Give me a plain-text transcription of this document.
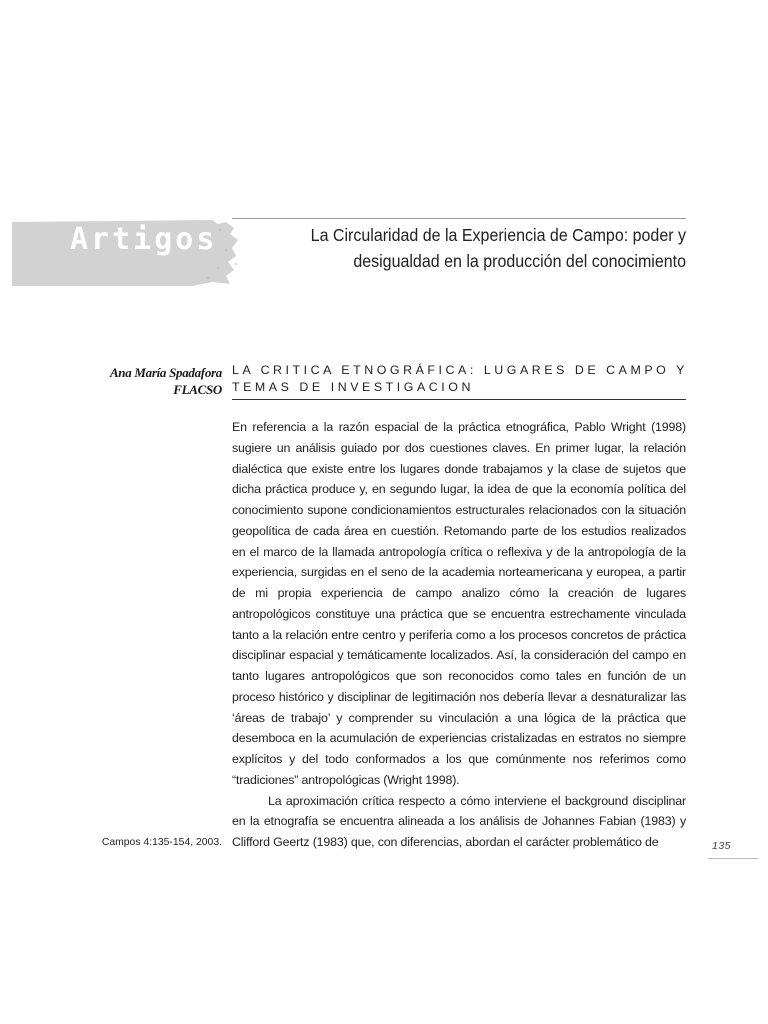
Artigos	La Circularidad de la Experiencia de Campo: poder y desigualdad en la producción del conocimiento
Ana María Spadafora
FLACSO
LA CRITICA ETNOGRÁFICA: LUGARES DE CAMPO Y TEMAS DE INVESTIGACION

En referencia a la razón espacial de la práctica etnográfica, Pablo Wright (1998) sugiere un análisis guiado por dos cuestiones claves. En primer lugar, la relación dialéctica que existe entre los lugares donde trabajamos y la clase de sujetos que dicha práctica produce y, en segundo lugar, la idea de que la economía política del conocimiento supone condicionamientos estructurales relacionados con la situación geopolítica de cada área en cuestión. Retomando parte de los estudios realizados en el marco de la llamada antropología crítica o reflexiva y de la antropología de la experiencia, surgidas en el seno de la academia norteamericana y europea, a partir de mi propia experiencia de campo analizo cómo la creación de lugares antropológicos constituye una práctica que se encuentra estrechamente vinculada tanto a la relación entre centro y periferia como a los procesos concretos de práctica disciplinar espacial y temáticamente localizados. Así, la consideración del campo en tanto lugares antropológicos que son reconocidos como tales en función de un proceso histórico y disciplinar de legitimación nos debería llevar a desnaturalizar las ‘áreas de trabajo’ y comprender su vinculación a una lógica de la práctica que desemboca en la acumulación de experiencias cristalizadas en estratos no siempre explícitos y del todo conformados a los que comúnmente nos referimos como “tradiciones” antropológicas (Wright 1998).

La aproximación crítica respecto a cómo interviene el background disciplinar en la etnografía se encuentra alineada a los análisis de Johannes Fabian (1983) y Clifford Geertz (1983) que, con diferencias, abordan el carácter problemático de

Campos 4:135-154, 2003.	135
